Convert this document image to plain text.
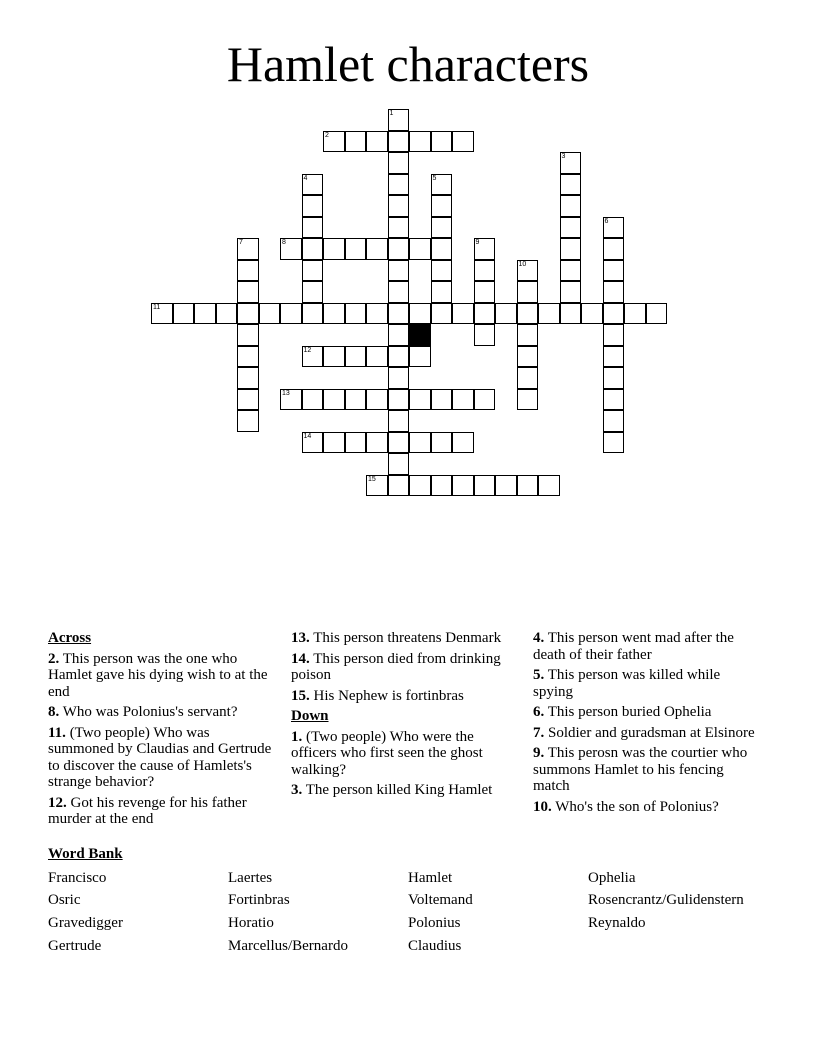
Hamlet characters
1
2
3
4	5
6
7	8	9
10
11
12
13
14
15

Across

2. This person was the one who Hamlet gave his dying wish to at the end

8. Who was Polonius's servant?

11. (Two people) Who was summoned by Claudias and Gertrude to discover the cause of Hamlets's strange behavior?

12. Got his revenge for his father murder at the end

13. This person threatens Denmark

14. This person died from drinking poison

15. His Nephew is fortinbras

Down

1. (Two people) Who were the officers who first seen the ghost walking?

3. The person killed King Hamlet

4. This person went mad after the death of their father

5. This person was killed while spying

6. This person buried Ophelia

7. Soldier and guradsman at Elsinore

9. This perosn was the courtier who summons Hamlet to his fencing match

10. Who's the son of Polonius?

Word Bank
Francisco
Osric
Gravedigger
Gertrude
Laertes
Fortinbras
Horatio
Marcellus/Bernardo
Hamlet
Voltemand
Polonius
Claudius
Ophelia
Rosencrantz/Gulidenstern
Reynaldo
